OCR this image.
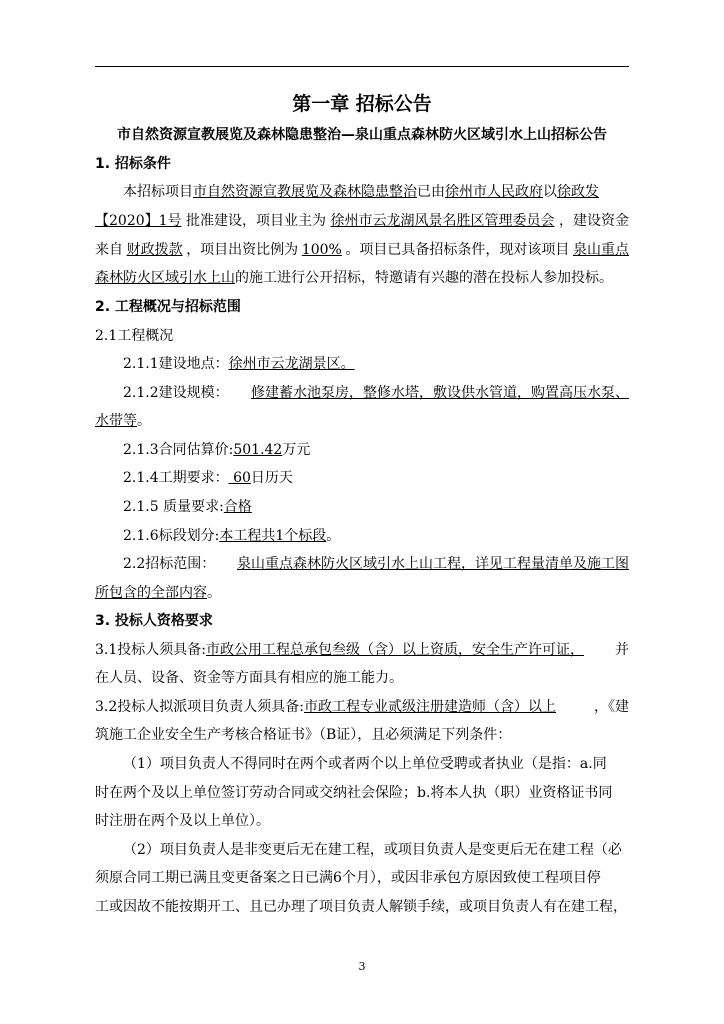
第一章 招标公告
市自然资源宣教展览及森林隐患整治—泉山重点森林防火区域引水上山招标公告
1. 招标条件
本招标项目市自然资源宣教展览及森林隐患整治已由徐州市人民政府以徐政发
【2020】1号 批准建设，项目业主为 徐州市云龙湖风景名胜区管理委员会 ，建设资金
来自 财政拨款 ，项目出资比例为 100% 。项目已具备招标条件，现对该项目 泉山重点
森林防火区域引水上山的施工进行公开招标，特邀请有兴趣的潜在投标人参加投标。
2. 工程概况与招标范围
2.1工程概况
2.1.1建设地点：徐州市云龙湖景区。
2.1.2建设规模： 修建蓄水池泵房，整修水塔，敷设供水管道，购置高压水泵、
水带等。
2.1.3合同估算价:501.42万元
2.1.4工期要求： 60日历天
2.1.5 质量要求:合格
2.1.6标段划分:本工程共1个标段。
2.2招标范围： 泉山重点森林防火区域引水上山工程，详见工程量清单及施工图
所包含的全部内容。
3. 投标人资格要求
3.1投标人须具备:市政公用工程总承包叁级（含）以上资质，安全生产许可证， 并
在人员、设备、资金等方面具有相应的施工能力。
3.2投标人拟派项目负责人须具备:市政工程专业贰级注册建造师（含）以上	，《建
筑施工企业安全生产考核合格证书》（B证），且必须满足下列条件：
（1）项目负责人不得同时在两个或者两个以上单位受聘或者执业（是指：a.同
时在两个及以上单位签订劳动合同或交纳社会保险；b.将本人执（职）业资格证书同
时注册在两个及以上单位）。
（2）项目负责人是非变更后无在建工程，或项目负责人是变更后无在建工程（必
须原合同工期已满且变更备案之日已满6个月），或因非承包方原因致使工程项目停
工或因故不能按期开工、且已办理了项目负责人解锁手续，或项目负责人有在建工程，
3
